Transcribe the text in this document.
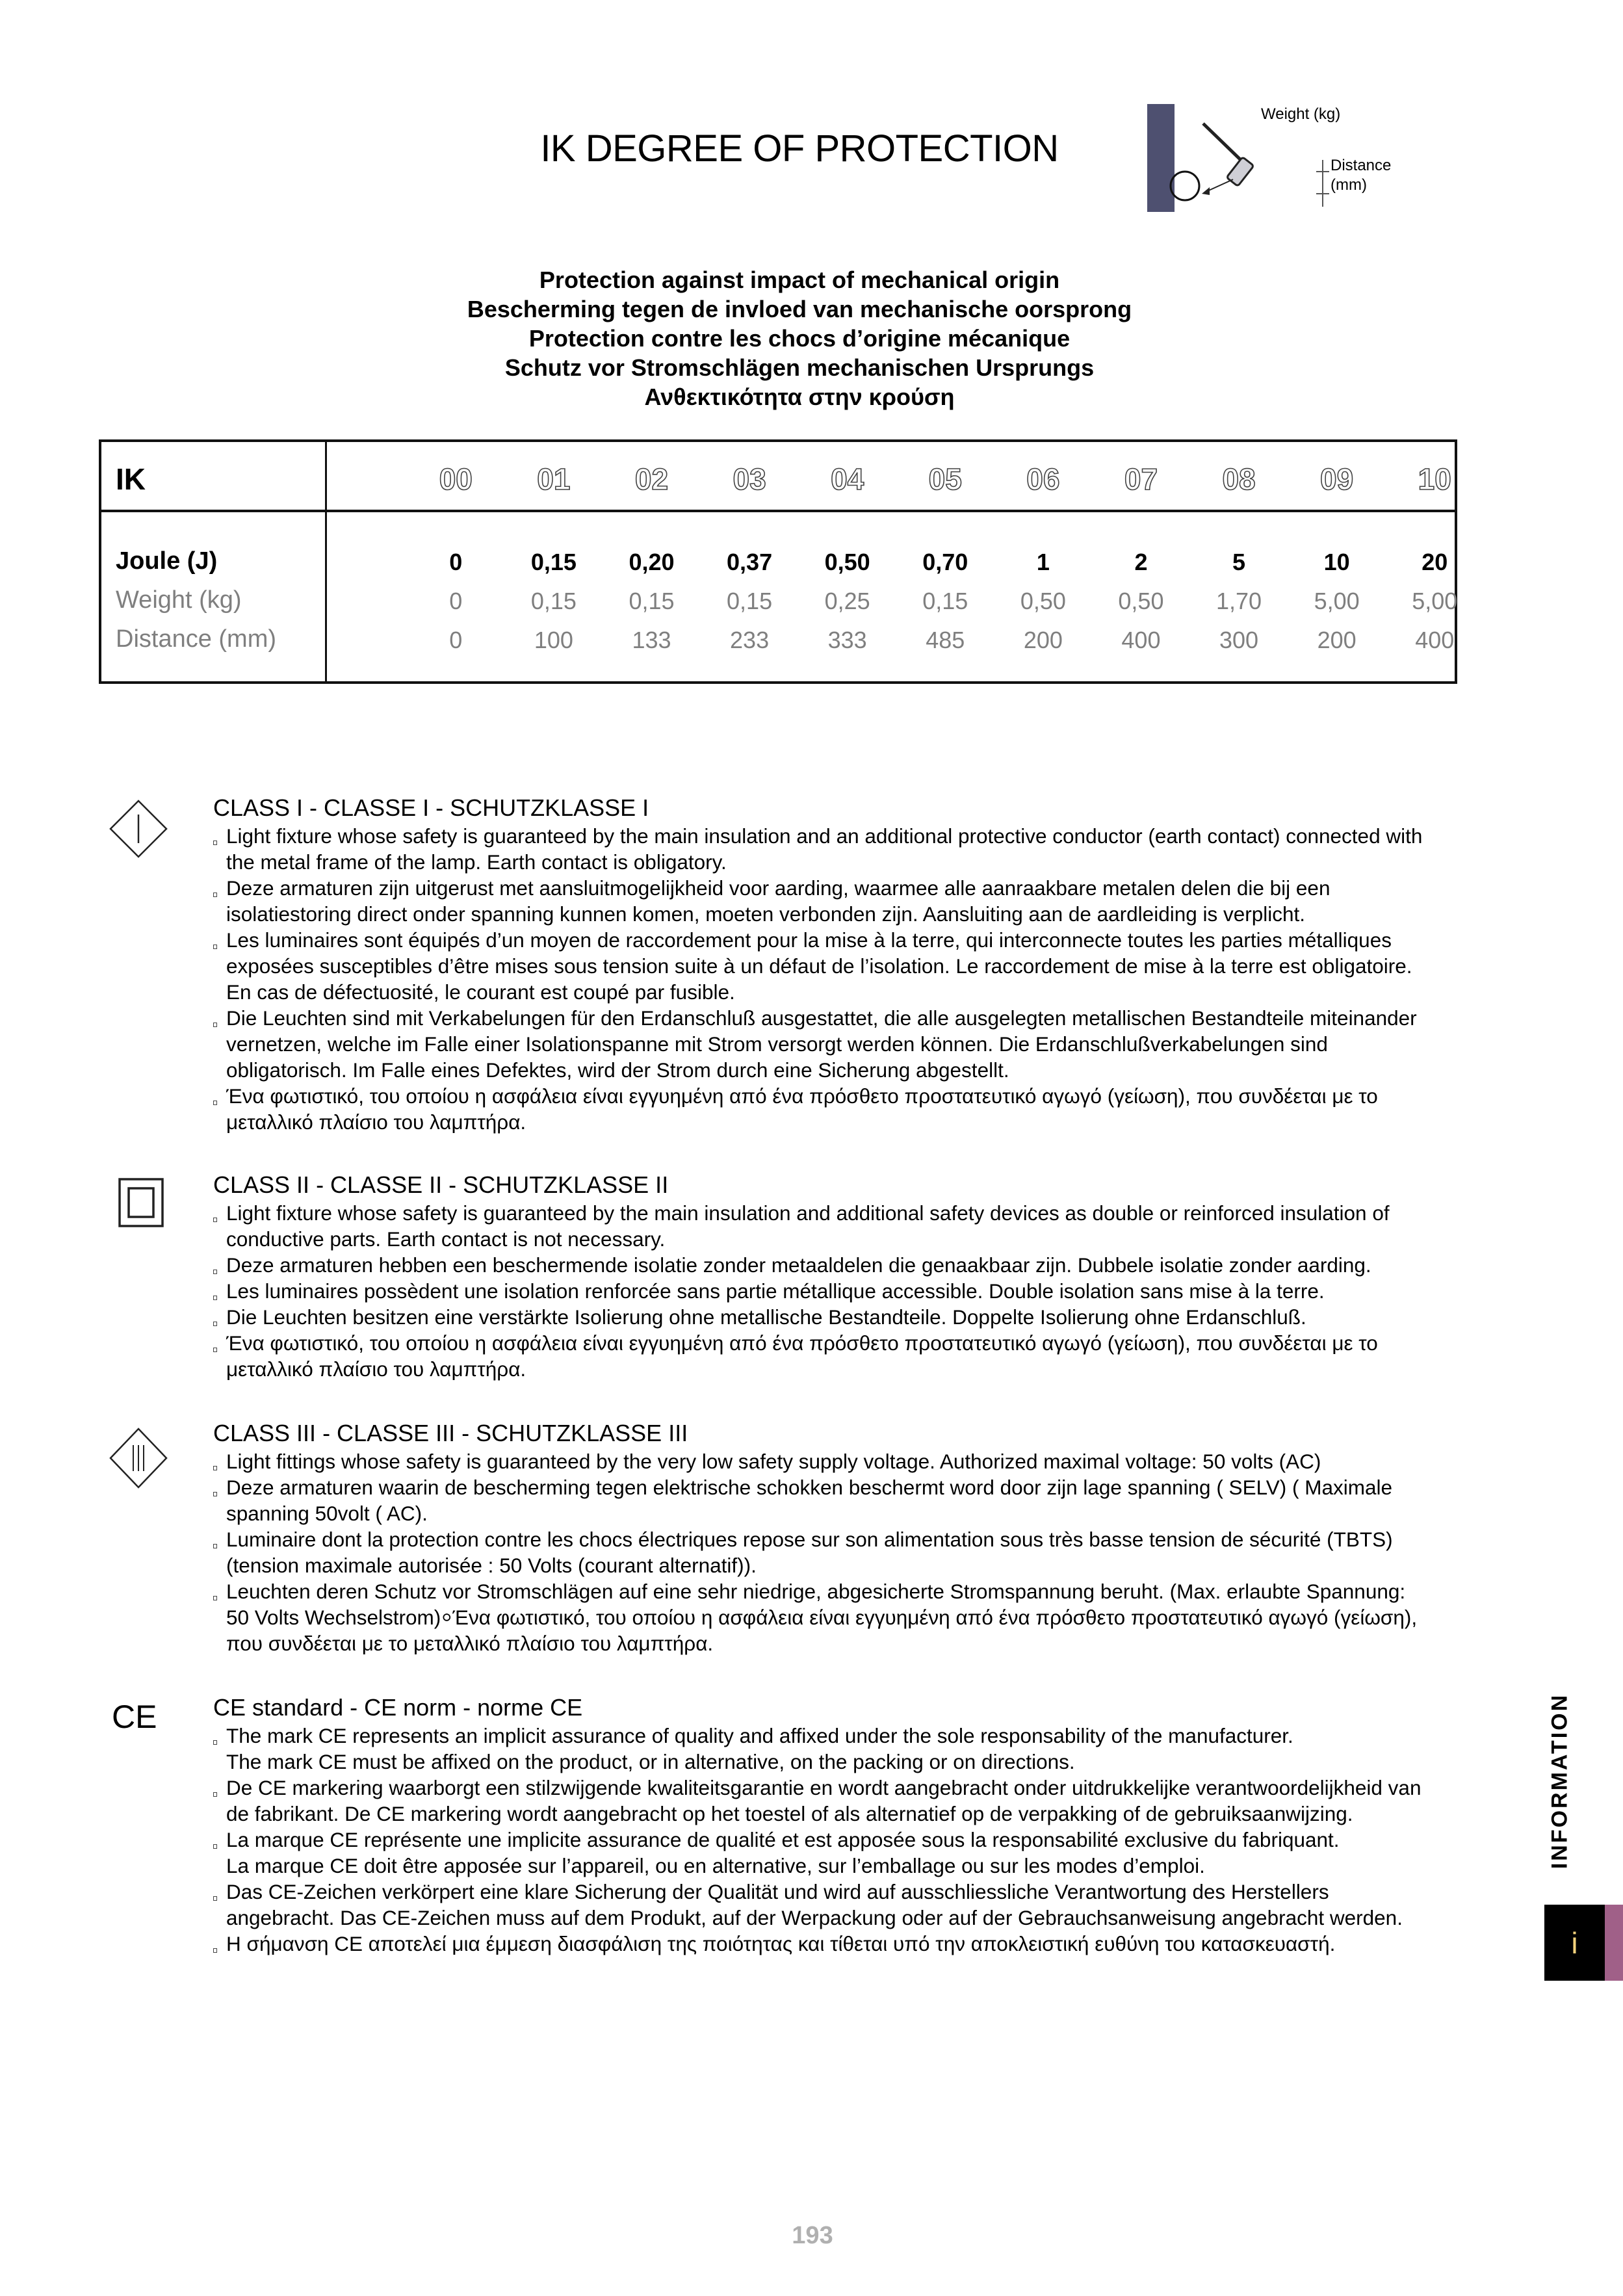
IK DEGREE OF PROTECTION
Weight (kg)
Distance
(mm)
Protection against impact of mechanical origin
Bescherming tegen de invloed van mechanische oorsprong
Protection contre les chocs d’origine mécanique
Schutz vor Stromschlägen mechanischen Ursprungs
Ανθεκτικότητα στην κρούση
IK	00	01	02	03	04	05	06	07	08	09	10
Joule (J)	0	0,15	0,20	0,37	0,50	0,70	1	2	5	10	20
Weight (kg)	0	0,15	0,15	0,15	0,25	0,15	0,50	0,50	1,70	5,00	5,00
Distance (mm)	0	100	133	233	333	485	200	400	300	200	400
CLASS I - CLASSE I - SCHUTZKLASSE I
Light fixture whose safety is guaranteed by the main insulation and an additional protective conductor (earth contact) connected with
the metal frame of the lamp. Earth contact is obligatory.
Deze armaturen zijn uitgerust met aansluitmogelijkheid voor aarding, waarmee alle aanraakbare metalen delen die bij een
isolatiestoring direct onder spanning kunnen komen, moeten verbonden zijn. Aansluiting aan de aardleiding is verplicht.
Les luminaires sont équipés d’un moyen de raccordement pour la mise à la terre, qui interconnecte toutes les parties métalliques
exposées susceptibles d’être mises sous tension suite à un défaut de l’isolation. Le raccordement de mise à la terre est obligatoire.
En cas de défectuosité, le courant est coupé par fusible.
Die Leuchten sind mit Verkabelungen für den Erdanschluß ausgestattet, die alle ausgelegten metallischen Bestandteile miteinander
vernetzen, welche im Falle einer Isolationspanne mit Strom versorgt werden können. Die Erdanschlußverkabelungen sind
obligatorisch. Im Falle eines Defektes, wird der Strom durch eine Sicherung abgestellt.
Ένα φωτιστικό, του οποίου η ασφάλεια είναι εγγυημένη από ένα πρόσθετο προστατευτικό αγωγό (γείωση), που συνδέεται με το
μεταλλικό πλαίσιο του λαμπτήρα.
CLASS II - CLASSE II - SCHUTZKLASSE II
Light fixture whose safety is guaranteed by the main insulation and additional safety devices as double or reinforced insulation of
conductive parts. Earth contact is not necessary.
Deze armaturen hebben een beschermende isolatie zonder metaaldelen die genaakbaar zijn. Dubbele isolatie zonder aarding.
Les luminaires possèdent une isolation renforcée sans partie métallique accessible. Double isolation sans mise à la terre.
Die Leuchten besitzen eine verstärkte Isolierung ohne metallische Bestandteile. Doppelte Isolierung ohne Erdanschluß.
Ένα φωτιστικό, του οποίου η ασφάλεια είναι εγγυημένη από ένα πρόσθετο προστατευτικό αγωγό (γείωση), που συνδέεται με το
μεταλλικό πλαίσιο του λαμπτήρα.
CLASS III - CLASSE III - SCHUTZKLASSE III
Light fittings whose safety is guaranteed by the very low safety supply voltage. Authorized maximal voltage: 50 volts (AC)
Deze armaturen waarin de bescherming tegen elektrische schokken beschermt word door zijn lage spanning ( SELV) ( Maximale
spanning 50volt ( AC).
Luminaire dont la protection contre les chocs électriques repose sur son alimentation sous très basse tension de sécurité (TBTS)
(tension maximale autorisée : 50 Volts (courant alternatif)).
Leuchten deren Schutz vor Stromschlägen auf eine sehr niedrige, abgesicherte Stromspannung beruht. (Max. erlaubte Spannung:
50 Volts Wechselstrom)⸰Ένα φωτιστικό, του οποίου η ασφάλεια είναι εγγυημένη από ένα πρόσθετο προστατευτικό αγωγό (γείωση),
που συνδέεται με το μεταλλικό πλαίσιο του λαμπτήρα.
CE CE standard - CE norm - norme CE
The mark CE represents an implicit assurance of quality and affixed under the sole responsability of the manufacturer.
The mark CE must be affixed on the product, or in alternative, on the packing or on directions.
De CE markering waarborgt een stilzwijgende kwaliteitsgarantie en wordt aangebracht onder uitdrukkelijke verantwoordelijkheid van
de fabrikant. De CE markering wordt aangebracht op het toestel of als alternatief op de verpakking of de gebruiksaanwijzing.
La marque CE représente une implicite assurance de qualité et est apposée sous la responsabilité exclusive du fabriquant.
La marque CE doit être apposée sur l’appareil, ou en alternative, sur l’emballage ou sur les modes d’emploi.
Das CE-Zeichen verkörpert eine klare Sicherung der Qualität und wird auf ausschliessliche Verantwortung des Herstellers
angebracht. Das CE-Zeichen muss auf dem Produkt, auf der Werpackung oder auf der Gebrauchsanweisung angebracht werden.
Η σήμανση CE αποτελεί μια έμμεση διασφάλιση της ποιότητας και τίθεται υπό την αποκλειστική ευθύνη του κατασκευαστή.
INFORMATION
i
193
